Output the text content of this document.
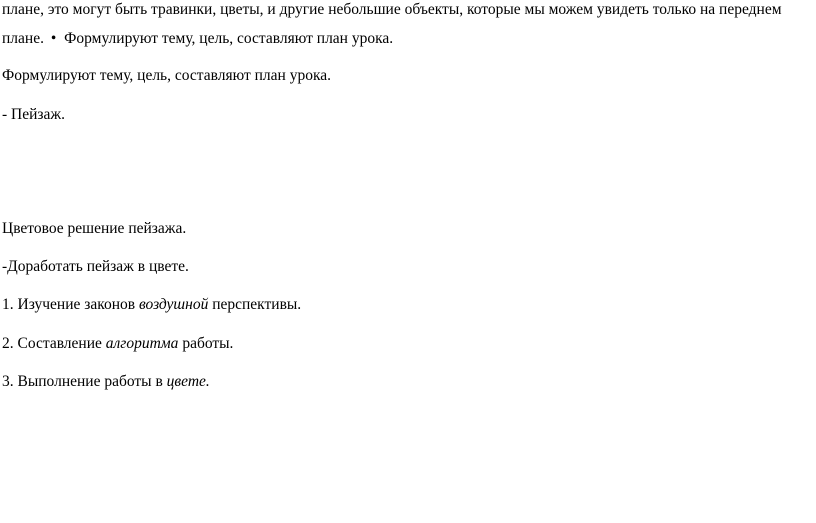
плане, это могут быть травинки, цветы, и другие небольшие объекты, которые мы можем увидеть только на переднем
плане. • Формулируют тему, цель, составляют план урока.
Формулируют тему, цель, составляют план урока.
- Пейзаж.
Цветовое решение пейзажа.
-Доработать пейзаж в цвете.
1. Изучение законов воздушной перспективы.
2. Составление алгоритма работы.
3. Выполнение работы в цвете.
